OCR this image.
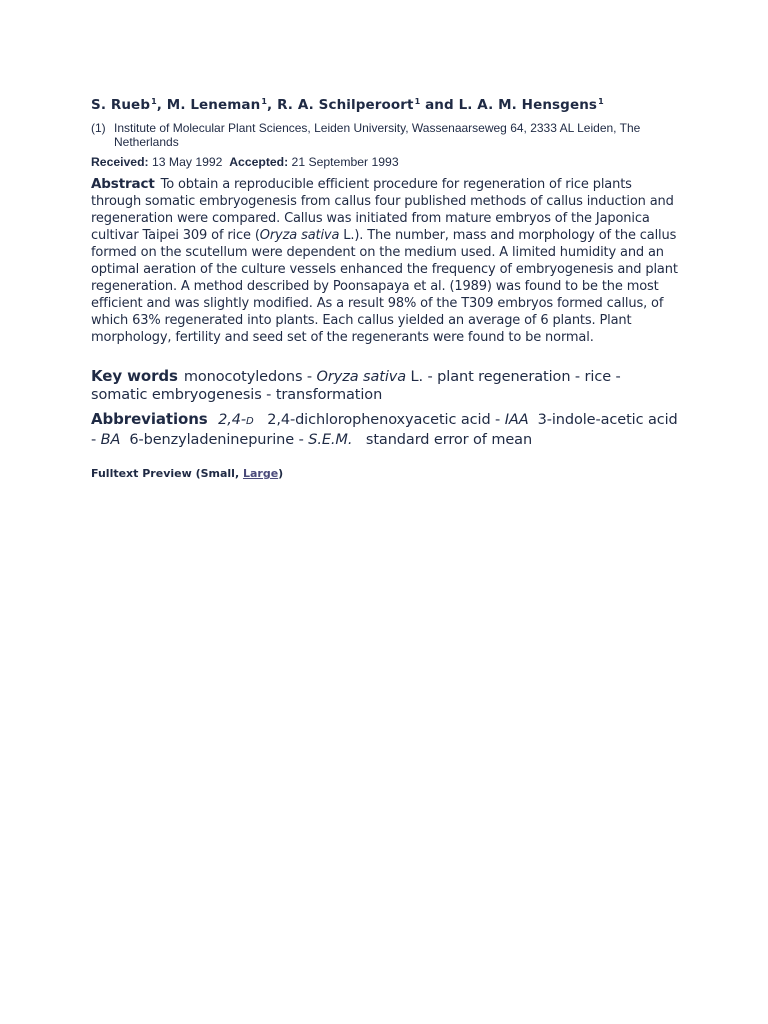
S. Rueb$^1$, M. Leneman$^1$, R. A. Schilperoort$^1$ and L. A. M. Hensgens$^1$
(1) Institute of Molecular Plant Sciences, Leiden University, Wassenaarseweg 64, 2333 AL Leiden, The Netherlands
Received: 13 May 1992 Accepted: 21 September 1993
Abstract To obtain a reproducible efficient procedure for regeneration of rice plants through somatic embryogenesis from callus four published methods of callus induction and regeneration were compared. Callus was initiated from mature embryos of the Japonica cultivar Taipei 309 of rice (Oryza sativa L.). The number, mass and morphology of the callus formed on the scutellum were dependent on the medium used. A limited humidity and an optimal aeration of the culture vessels enhanced the frequency of embryogenesis and plant regeneration. A method described by Poonsapaya et al. (1989) was found to be the most efficient and was slightly modified. As a result 98% of the T309 embryos formed callus, of which 63% regenerated into plants. Each callus yielded an average of 6 plants. Plant morphology, fertility and seed set of the regenerants were found to be normal.
Key words monocotyledons - Oryza sativa L. - plant regeneration - rice - somatic embryogenesis - transformation
Abbreviations 2,4-D 2,4-dichlorophenoxyacetic acid - IAA 3-indole-acetic acid - BA 6-benzyladeninepurine - S.E.M. standard error of mean
Fulltext Preview (Small, Large)
